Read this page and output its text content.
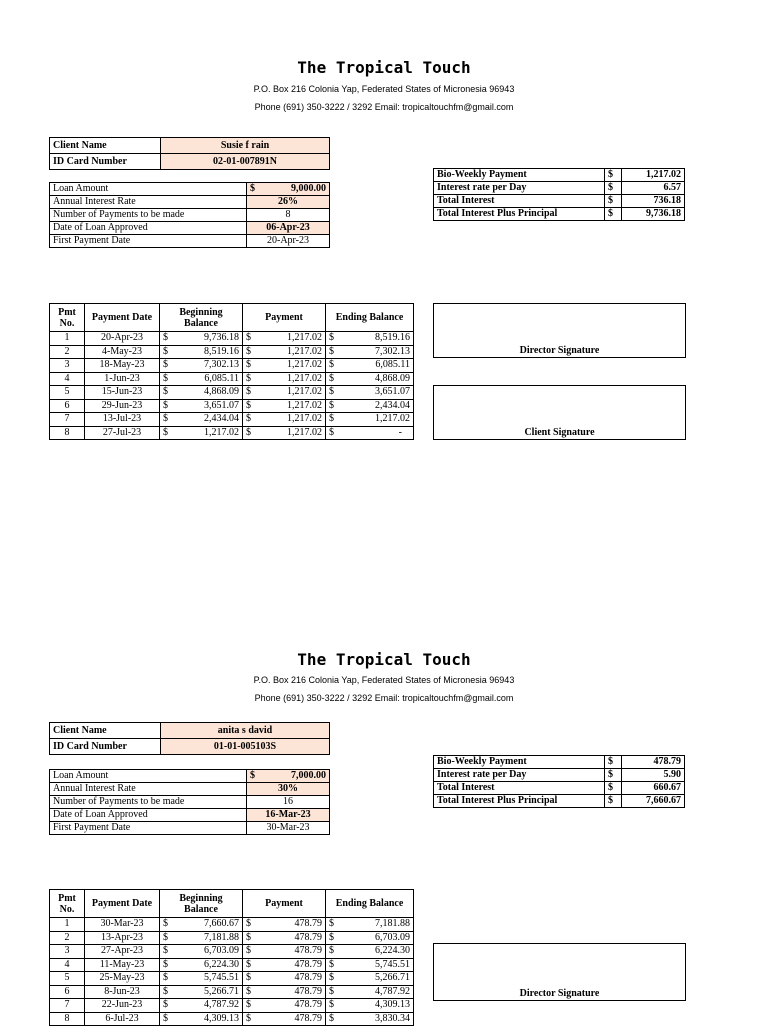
The Tropical Touch
P.O. Box 216 Colonia Yap, Federated States of Micronesia 96943
Phone (691) 350-3222 / 3292 Email: tropicaltouchfm@gmail.com
Client Name	Susie f rain
ID Card Number	02-01-007891N
Loan Amount	$ 9,000.00

Annual Interest Rate	26%
Number of Payments to be made	8
Date of Loan Approved	06-Apr-23
First Payment Date	20-Apr-23
Bio-Weekly Payment	$	1,217.02
Interest rate per Day	$	6.57
Total Interest	$	736.18
Total Interest Plus Principal	$	9,736.18
Pmt No.	Payment Date	Beginning Balance	Payment	Ending Balance
1	20-Apr-23	$ 9,736.18	$ 1,217.02	$ 8,519.16

2	4-May-23	$ 8,519.16	$ 1,217.02	$ 7,302.13

3	18-May-23	$ 7,302.13	$ 1,217.02	$ 6,085.11

4	1-Jun-23	$ 6,085.11	$ 1,217.02	$ 4,868.09

5	15-Jun-23	$ 4,868.09	$ 1,217.02	$ 3,651.07

6	29-Jun-23	$ 3,651.07	$ 1,217.02	$ 2,434.04

7	13-Jul-23	$ 2,434.04	$ 1,217.02	$ 1,217.02

8	27-Jul-23	$ 1,217.02	$ 1,217.02	$ -
Director Signature
Client Signature
The Tropical Touch
P.O. Box 216 Colonia Yap, Federated States of Micronesia 96943
Phone (691) 350-3222 / 3292 Email: tropicaltouchfm@gmail.com
Client Name	anita s david
ID Card Number	01-01-005103S
Loan Amount	$ 7,000.00

Annual Interest Rate	30%
Number of Payments to be made	16
Date of Loan Approved	16-Mar-23
First Payment Date	30-Mar-23
Bio-Weekly Payment	$	478.79
Interest rate per Day	$	5.90
Total Interest	$	660.67
Total Interest Plus Principal	$	7,660.67
Pmt No.	Payment Date	Beginning Balance	Payment	Ending Balance
1	30-Mar-23	$ 7,660.67	$ 478.79	$ 7,181.88

2	13-Apr-23	$ 7,181.88	$ 478.79	$ 6,703.09

3	27-Apr-23	$ 6,703.09	$ 478.79	$ 6,224.30

4	11-May-23	$ 6,224.30	$ 478.79	$ 5,745.51

5	25-May-23	$ 5,745.51	$ 478.79	$ 5,266.71

6	8-Jun-23	$ 5,266.71	$ 478.79	$ 4,787.92

7	22-Jun-23	$ 4,787.92	$ 478.79	$ 4,309.13

8	6-Jul-23	$ 4,309.13	$ 478.79	$ 3,830.34
Director Signature
